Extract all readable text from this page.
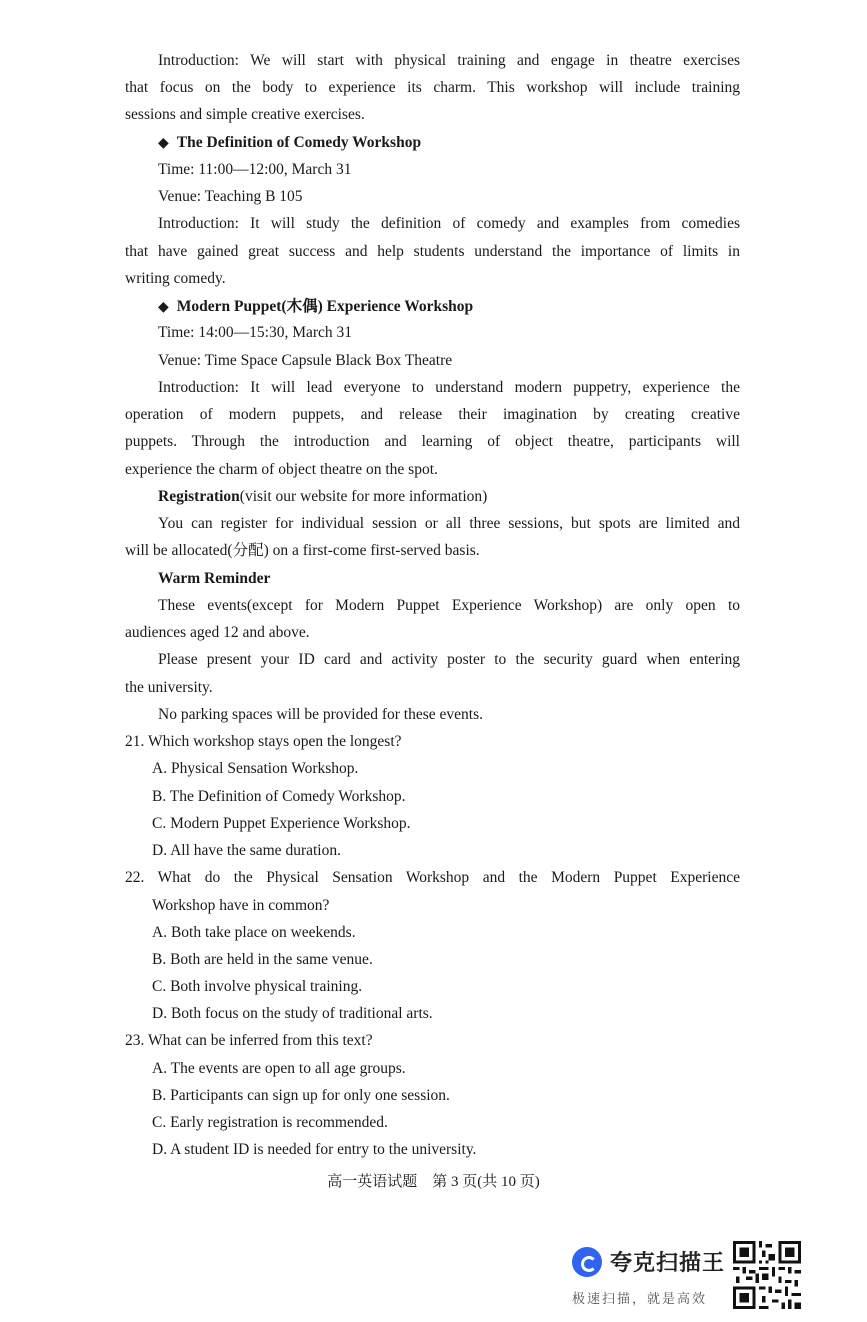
Introduction: We will start with physical training and engage in theatre exercises
that focus on the body to experience its charm. This workshop will include training
sessions and simple creative exercises.
◆ The Definition of Comedy Workshop
Time: 11:00—12:00, March 31
Venue: Teaching B 105
Introduction: It will study the definition of comedy and examples from comedies
that have gained great success and help students understand the importance of limits in
writing comedy.
◆ Modern Puppet(木偶) Experience Workshop
Time: 14:00—15:30, March 31
Venue: Time Space Capsule Black Box Theatre
Introduction: It will lead everyone to understand modern puppetry, experience the
operation of modern puppets, and release their imagination by creating creative
puppets. Through the introduction and learning of object theatre, participants will
experience the charm of object theatre on the spot.
Registration(visit our website for more information)
You can register for individual session or all three sessions, but spots are limited and
will be allocated(分配) on a first-come first-served basis.
Warm Reminder
These events(except for Modern Puppet Experience Workshop) are only open to
audiences aged 12 and above.
Please present your ID card and activity poster to the security guard when entering
the university.
No parking spaces will be provided for these events.
21. Which workshop stays open the longest?
A. Physical Sensation Workshop.
B. The Definition of Comedy Workshop.
C. Modern Puppet Experience Workshop.
D. All have the same duration.
22. What do the Physical Sensation Workshop and the Modern Puppet Experience
Workshop have in common?
A. Both take place on weekends.
B. Both are held in the same venue.
C. Both involve physical training.
D. Both focus on the study of traditional arts.
23. What can be inferred from this text?
A. The events are open to all age groups.
B. Participants can sign up for only one session.
C. Early registration is recommended.
D. A student ID is needed for entry to the university.
高一英语试题　第 3 页(共 10 页)
夸克扫描王
极速扫描，就是高效
